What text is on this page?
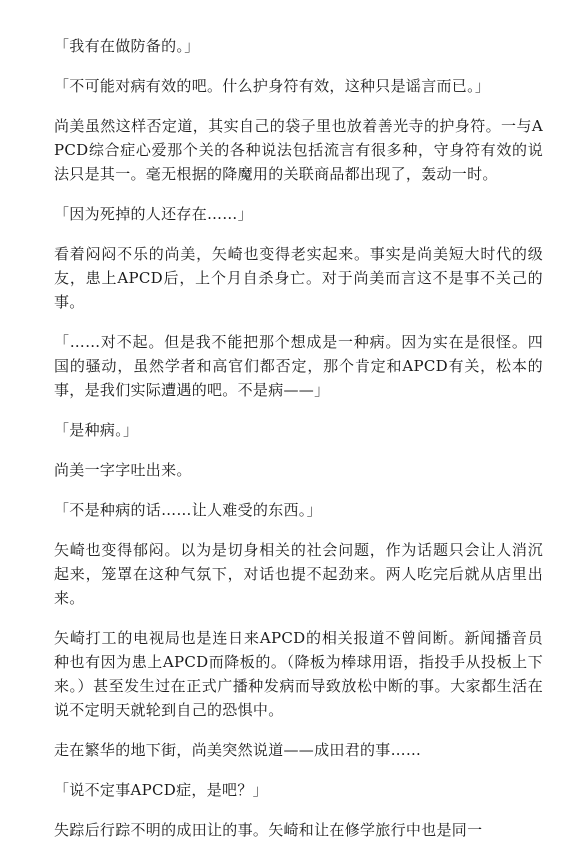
「我有在做防备的。」

「不可能对病有效的吧。什么护身符有效，这种只是谣言而已。」

尚美虽然这样否定道，其实自己的袋子里也放着善光寺的护身符。一与APCD综合症心爱那个关的各种说法包括流言有很多种，守身符有效的说法只是其一。毫无根据的降魔用的关联商品都出现了，轰动一时。

「因为死掉的人还存在……」

看着闷闷不乐的尚美，矢崎也变得老实起来。事实是尚美短大时代的级友，患上APCD后，上个月自杀身亡。对于尚美而言这不是事不关己的事。

「……对不起。但是我不能把那个想成是一种病。因为实在是很怪。四国的骚动，虽然学者和高官们都否定，那个肯定和APCD有关，松本的事，是我们实际遭遇的吧。不是病——」

「是种病。」

尚美一字字吐出来。

「不是种病的话……让人难受的东西。」

矢崎也变得郁闷。以为是切身相关的社会问题，作为话题只会让人消沉起来，笼罩在这种气氛下，对话也提不起劲来。两人吃完后就从店里出来。

矢崎打工的电视局也是连日来APCD的相关报道不曾间断。新闻播音员种也有因为患上APCD而降板的。（降板为棒球用语，指投手从投板上下来。）甚至发生过在正式广播种发病而导致放松中断的事。大家都生活在说不定明天就轮到自己的恐惧中。

走在繁华的地下街，尚美突然说道——成田君的事……

「说不定事APCD症，是吧？」

失踪后行踪不明的成田让的事。矢崎和让在修学旅行中也是同一
